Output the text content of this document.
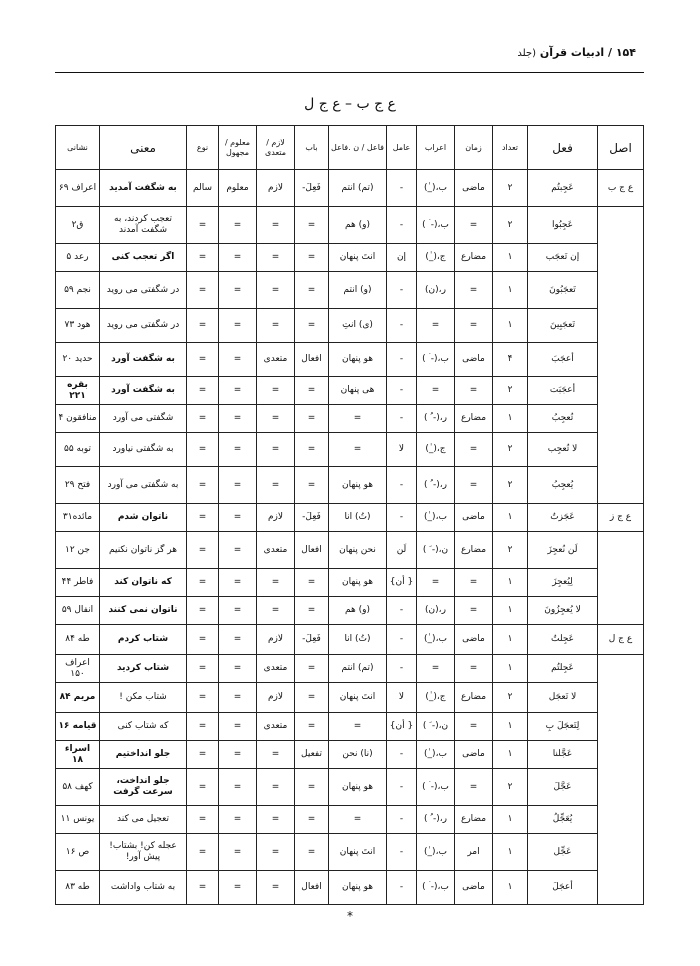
۱۵۴ / ادبیات قرآن (جلد
ع ج ب – ع ج ل
اصل	فعل	تعداد	زمان	اعراب	عامل	فاعل / ن .فاعل	باب	لازم / متعدی	معلوم / مجهول	نوع	معنی	نشانی
ع ج ب	عَجِبتُم	۲	ماضی	ب،(_ٰ)	-	(تم) انتم	فَعِلَ-	لازم	معلوم	سالم	به شگفت آمدید	اعراف ۶۹
	عَجِبُوا	۲	=	ب،(- ۤ )	-	(و) هم	=	=	=	=	تعجب کردند، به شگفت آمدند	ق۲
	إن تَعجَب	۱	مضارع	ج،(_ٰ)	إن	انتَ پنهان	=	=	=	=	اگر تعجب کنی	رعد ۵
	تَعجَبُونَ	۱	=	ر،(ن)	-	(و) انتم	=	=	=	=	در شگفتی می روید	نجم ۵۹
	تَعجَبِينَ	۱	=	=	-	(ی) انتِ	=	=	=	=	در شگفتی می روید	هود ۷۳
	أعجَبَ	۴	ماضی	ب،(- ۤ )	-	هو پنهان	افعال	متعدی	=	=	به شگفت آورد	حدید ۲۰
	أعجَبَت	۲	=	=	-	هی پنهان	=	=	=	=	به شگفت آورد	بقره ۲۲۱
	تُعجِبُ	۱	مضارع	ر،(- ُ )	-	=	=	=	=	=	شگفتی می آورد	منافقون ۴
	لا تُعجِب	۲	=	ج،(_ٰ)	لا	=	=	=	=	=	به شگفتی نیاورد	توبه ۵۵
	يُعجِبُ	۲	=	ر،(- ُ )	-	هو پنهان	=	=	=	=	به شگفتی می آورد	فتح ۲۹
ع ج ز	عَجَزتُ	۱	ماضی	ب،(_ٰ)	-	(تُ) انا	فَعِلَ-	لازم	=	=	ناتوان شدم	مائده۳۱
	لَن نُعجِزَ	۲	مضارع	ن،(- َ )	لَن	نحن پنهان	افعال	متعدی	=	=	هر گز ناتوان نکنیم	جن ۱۲
	لِيُعجِزَ	۱	=	=	{ أن}	هو پنهان	=	=	=	=	که ناتوان کند	فاطر ۴۴
	لا يُعجِزُونَ	۱	=	ر،(ن)	-	(و) هم	=	=	=	=	ناتوان نمی کنند	انفال ۵۹
ع ج ل	عَجِلتُ	۱	ماضی	ب،(_ٰ)	-	(تُ) انا	فَعِلَ-	لازم	=	=	شتاب کردم	طه ۸۴
	عَجِلتُم	۱	=	=	-	(تم) انتم	=	متعدی	=	=	شتاب کردید	اعراف ۱۵۰
	لا تَعجَل	۲	مضارع	ج،(_ٰ)	لا	انتَ پنهان	=	لازم	=	=	شتاب مکن !	مریم ۸۴
	لِتَعجَلَ بِ	۱	=	ن،(- َ )	{ أن}	=	=	متعدی	=	=	که شتاب کنی	قیامه ۱۶
	عَجَّلنا	۱	ماضی	ب،(_ٰ)	-	(نا) نحن	تفعیل	=	=	=	جلو انداختیم	اسراء ۱۸
	عَجَّلَ	۲	=	ب،(- ۤ )	-	هو پنهان	=	=	=	=	جلو انداخت، سرعت گرفت	کهف ۵۸
	يُعَجِّلُ	۱	مضارع	ر،(- ُ )	-	=	=	=	=	=	تعجیل می کند	یونس ۱۱
	عَجِّل	۱	امر	ب،(_ٰ)	-	انتَ پنهان	=	=	=	=	عجله کن! بشتاب! پیش آور!	ص ۱۶
	أعجَلَ	۱	ماضی	ب،(- ۤ )	-	هو پنهان	افعال	=	=	=	به شتاب واداشت	طه ۸۳
*
